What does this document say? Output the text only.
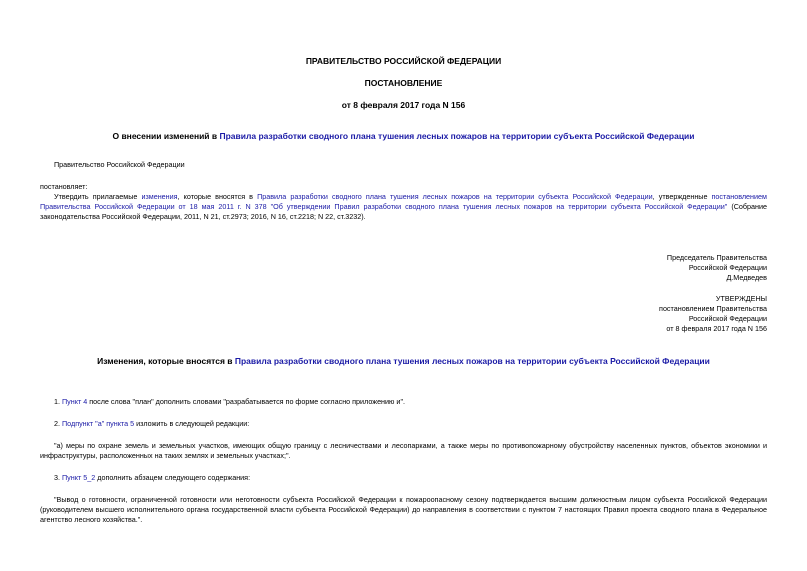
ПРАВИТЕЛЬСТВО РОССИЙСКОЙ ФЕДЕРАЦИИ
ПОСТАНОВЛЕНИЕ
от 8 февраля 2017 года N 156
О внесении изменений в Правила разработки сводного плана тушения лесных пожаров на территории субъекта Российской Федерации
Правительство Российской Федерации
постановляет:
Утвердить прилагаемые изменения, которые вносятся в Правила разработки сводного плана тушения лесных пожаров на территории субъекта Российской Федерации, утвержденные постановлением Правительства Российской Федерации от 18 мая 2011 г. N 378 "Об утверждении Правил разработки сводного плана тушения лесных пожаров на территории субъекта Российской Федерации" (Собрание законодательства Российской Федерации, 2011, N 21, ст.2973; 2016, N 16, ст.2218; N 22, ст.3232).
Председатель Правительства
Российской Федерации
Д.Медведев
УТВЕРЖДЕНЫ
постановлением Правительства
Российской Федерации
от 8 февраля 2017 года N 156
Изменения, которые вносятся в Правила разработки сводного плана тушения лесных пожаров на территории субъекта Российской Федерации
1. Пункт 4 после слова "план" дополнить словами "разрабатывается по форме согласно приложению и".
2. Подпункт "а" пункта 5 изложить в следующей редакции:
"а) меры по охране земель и земельных участков, имеющих общую границу с лесничествами и лесопарками, а также меры по противопожарному обустройству населенных пунктов, объектов экономики и инфраструктуры, расположенных на таких землях и земельных участках;".
3. Пункт 5_2 дополнить абзацем следующего содержания:
"Вывод о готовности, ограниченной готовности или неготовности субъекта Российской Федерации к пожароопасному сезону подтверждается высшим должностным лицом субъекта Российской Федерации (руководителем высшего исполнительного органа государственной власти субъекта Российской Федерации) до направления в соответствии с пунктом 7 настоящих Правил проекта сводного плана в Федеральное агентство лесного хозяйства.".
